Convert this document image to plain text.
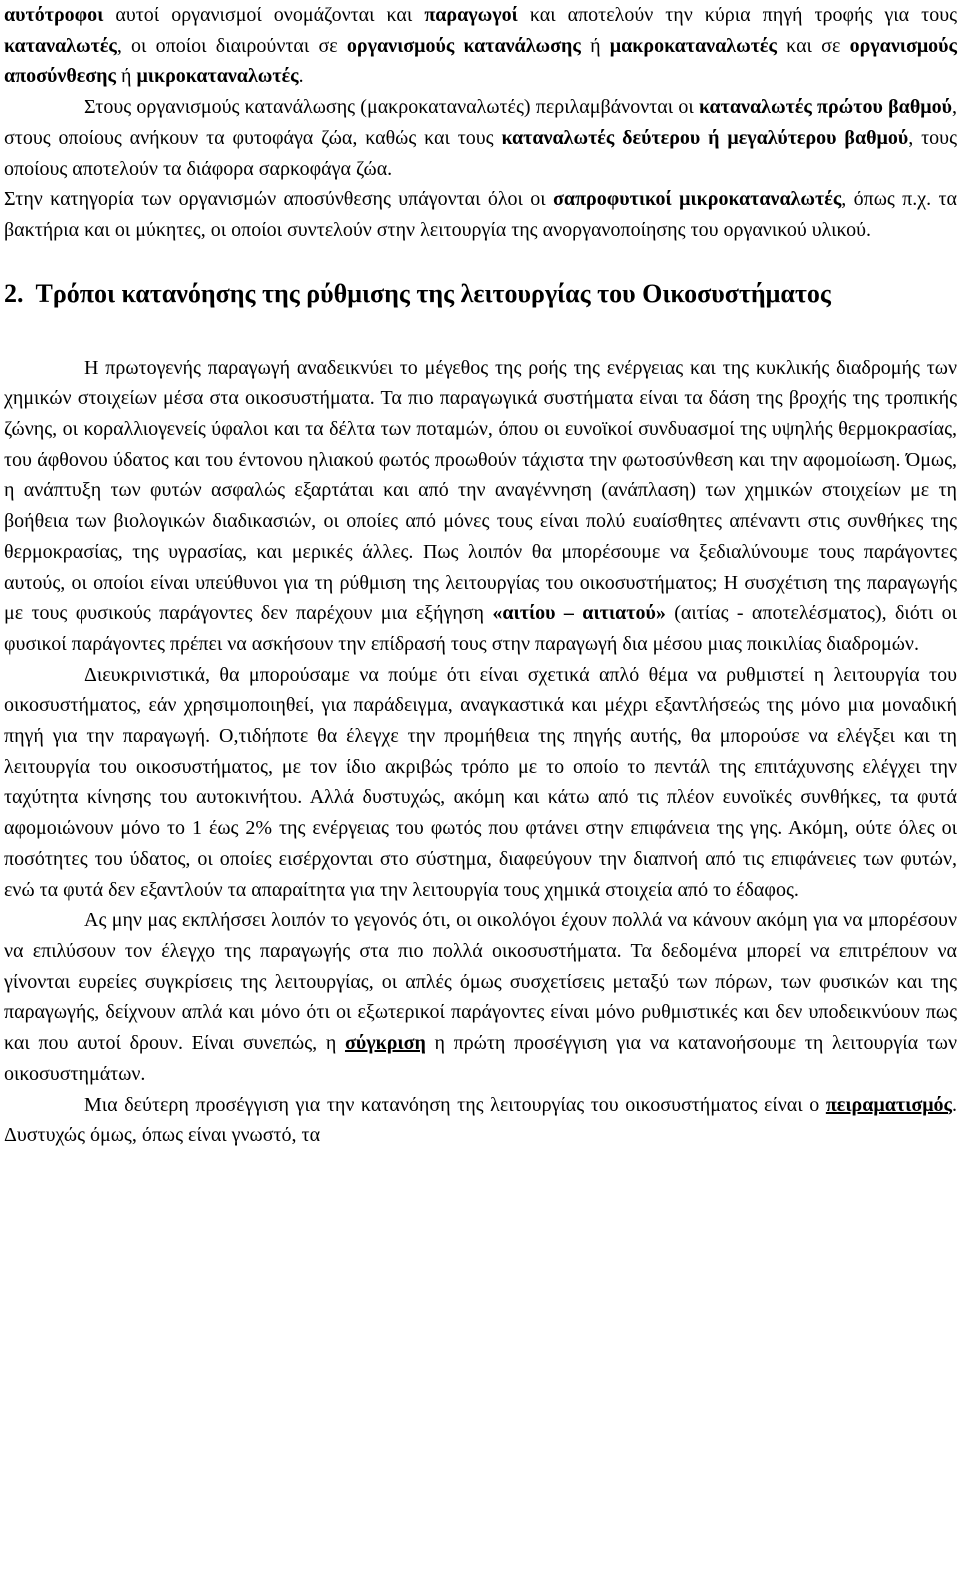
αυτότροφοι αυτοί οργανισμοί ονομάζονται και παραγωγοί και αποτελούν την κύρια πηγή τροφής για τους καταναλωτές, οι οποίοι διαιρούνται σε οργανισμούς κατανάλωσης ή μακροκαταναλωτές και σε οργανισμούς αποσύνθεσης ή μικροκαταναλωτές.

Στους οργανισμούς κατανάλωσης (μακροκαταναλωτές) περιλαμβάνονται οι καταναλωτές πρώτου βαθμού, στους οποίους ανήκουν τα φυτοφάγα ζώα, καθώς και τους καταναλωτές δεύτερου ή μεγαλύτερου βαθμού, τους οποίους αποτελούν τα διάφορα σαρκοφάγα ζώα.

Στην κατηγορία των οργανισμών αποσύνθεσης υπάγονται όλοι οι σαπροφυτικοί μικροκαταναλωτές, όπως π.χ. τα βακτήρια και οι μύκητες, οι οποίοι συντελούν στην λειτουργία της ανοργανοποίησης του οργανικού υλικού.

2. Τρόποι κατανόησης της ρύθμισης της λειτουργίας του Οικοσυστήματος

Η πρωτογενής παραγωγή αναδεικνύει το μέγεθος της ροής της ενέργειας και της κυκλικής διαδρομής των χημικών στοιχείων μέσα στα οικοσυστήματα. Τα πιο παραγωγικά συστήματα είναι τα δάση της βροχής της τροπικής ζώνης, οι κοραλλιογενείς ύφαλοι και τα δέλτα των ποταμών, όπου οι ευνοϊκοί συνδυασμοί της υψηλής θερμοκρασίας, του άφθονου ύδατος και του έντονου ηλιακού φωτός προωθούν τάχιστα την φωτοσύνθεση και την αφομοίωση. Όμως, η ανάπτυξη των φυτών ασφαλώς εξαρτάται και από την αναγέννηση (ανάπλαση) των χημικών στοιχείων με τη βοήθεια των βιολογικών διαδικασιών, οι οποίες από μόνες τους είναι πολύ ευαίσθητες απέναντι στις συνθήκες της θερμοκρασίας, της υγρασίας, και μερικές άλλες. Πως λοιπόν θα μπορέσουμε να ξεδιαλύνουμε τους παράγοντες αυτούς, οι οποίοι είναι υπεύθυνοι για τη ρύθμιση της λειτουργίας του οικοσυστήματος; Η συσχέτιση της παραγωγής με τους φυσικούς παράγοντες δεν παρέχουν μια εξήγηση «αιτίου – αιτιατού» (αιτίας - αποτελέσματος), διότι οι φυσικοί παράγοντες πρέπει να ασκήσουν την επίδρασή τους στην παραγωγή δια μέσου μιας ποικιλίας διαδρομών.

Διευκρινιστικά, θα μπορούσαμε να πούμε ότι είναι σχετικά απλό θέμα να ρυθμιστεί η λειτουργία του οικοσυστήματος, εάν χρησιμοποιηθεί, για παράδειγμα, αναγκαστικά και μέχρι εξαντλήσεώς της μόνο μια μοναδική πηγή για την παραγωγή. Ο,τιδήποτε θα έλεγχε την προμήθεια της πηγής αυτής, θα μπορούσε να ελέγξει και τη λειτουργία του οικοσυστήματος, με τον ίδιο ακριβώς τρόπο με το οποίο το πεντάλ της επιτάχυνσης ελέγχει την ταχύτητα κίνησης του αυτοκινήτου. Αλλά δυστυχώς, ακόμη και κάτω από τις πλέον ευνοϊκές συνθήκες, τα φυτά αφομοιώνουν μόνο το 1 έως 2% της ενέργειας του φωτός που φτάνει στην επιφάνεια της γης. Ακόμη, ούτε όλες οι ποσότητες του ύδατος, οι οποίες εισέρχονται στο σύστημα, διαφεύγουν την διαπνοή από τις επιφάνειες των φυτών, ενώ τα φυτά δεν εξαντλούν τα απαραίτητα για την λειτουργία τους χημικά στοιχεία από το έδαφος.

Ας μην μας εκπλήσσει λοιπόν το γεγονός ότι, οι οικολόγοι έχουν πολλά να κάνουν ακόμη για να μπορέσουν να επιλύσουν τον έλεγχο της παραγωγής στα πιο πολλά οικοσυστήματα. Τα δεδομένα μπορεί να επιτρέπουν να γίνονται ευρείες συγκρίσεις της λειτουργίας, οι απλές όμως συσχετίσεις μεταξύ των πόρων, των φυσικών και της παραγωγής, δείχνουν απλά και μόνο ότι οι εξωτερικοί παράγοντες είναι μόνο ρυθμιστικές και δεν υποδεικνύουν πως και που αυτοί δρουν. Είναι συνεπώς, η σύγκριση η πρώτη προσέγγιση για να κατανοήσουμε τη λειτουργία των οικοσυστημάτων.

Μια δεύτερη προσέγγιση για την κατανόηση της λειτουργίας του οικοσυστήματος είναι ο πειραματισμός. Δυστυχώς όμως, όπως είναι γνωστό, τα
